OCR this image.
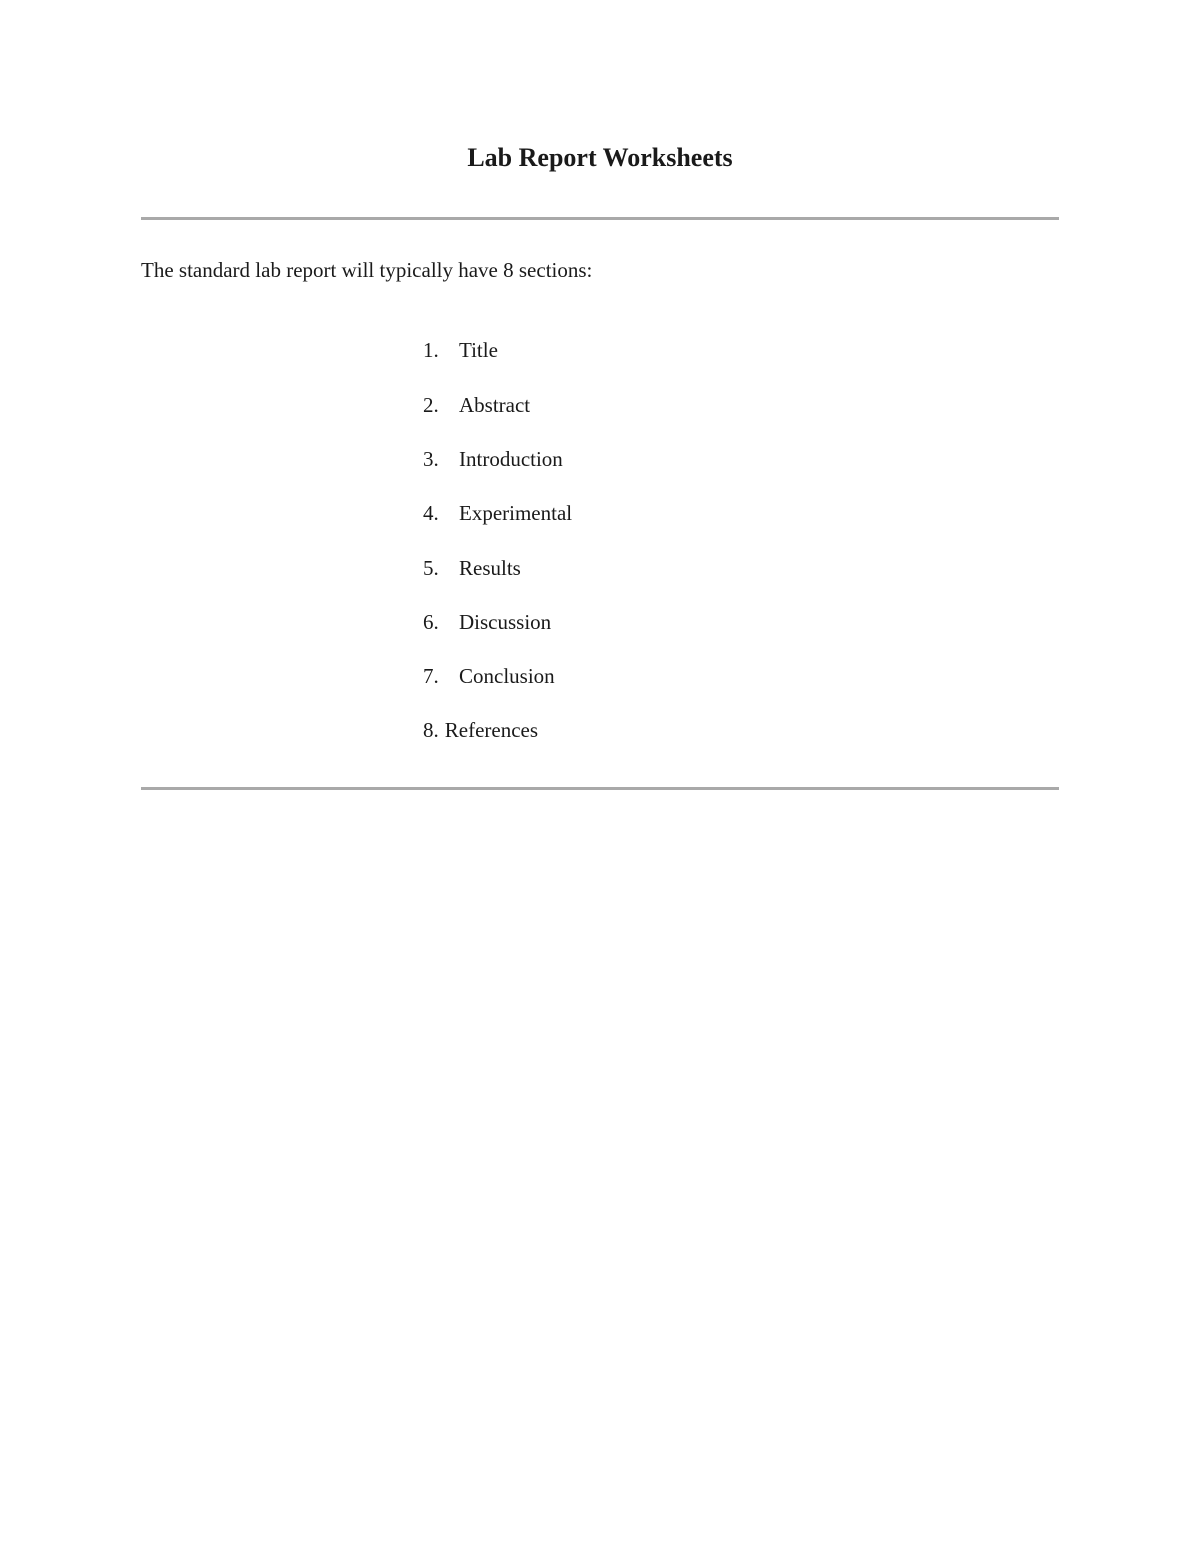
Lab Report Worksheets

The standard lab report will typically have 8 sections:

1. Title
2. Abstract
3. Introduction
4. Experimental
5. Results
6. Discussion
7. Conclusion
8. References
